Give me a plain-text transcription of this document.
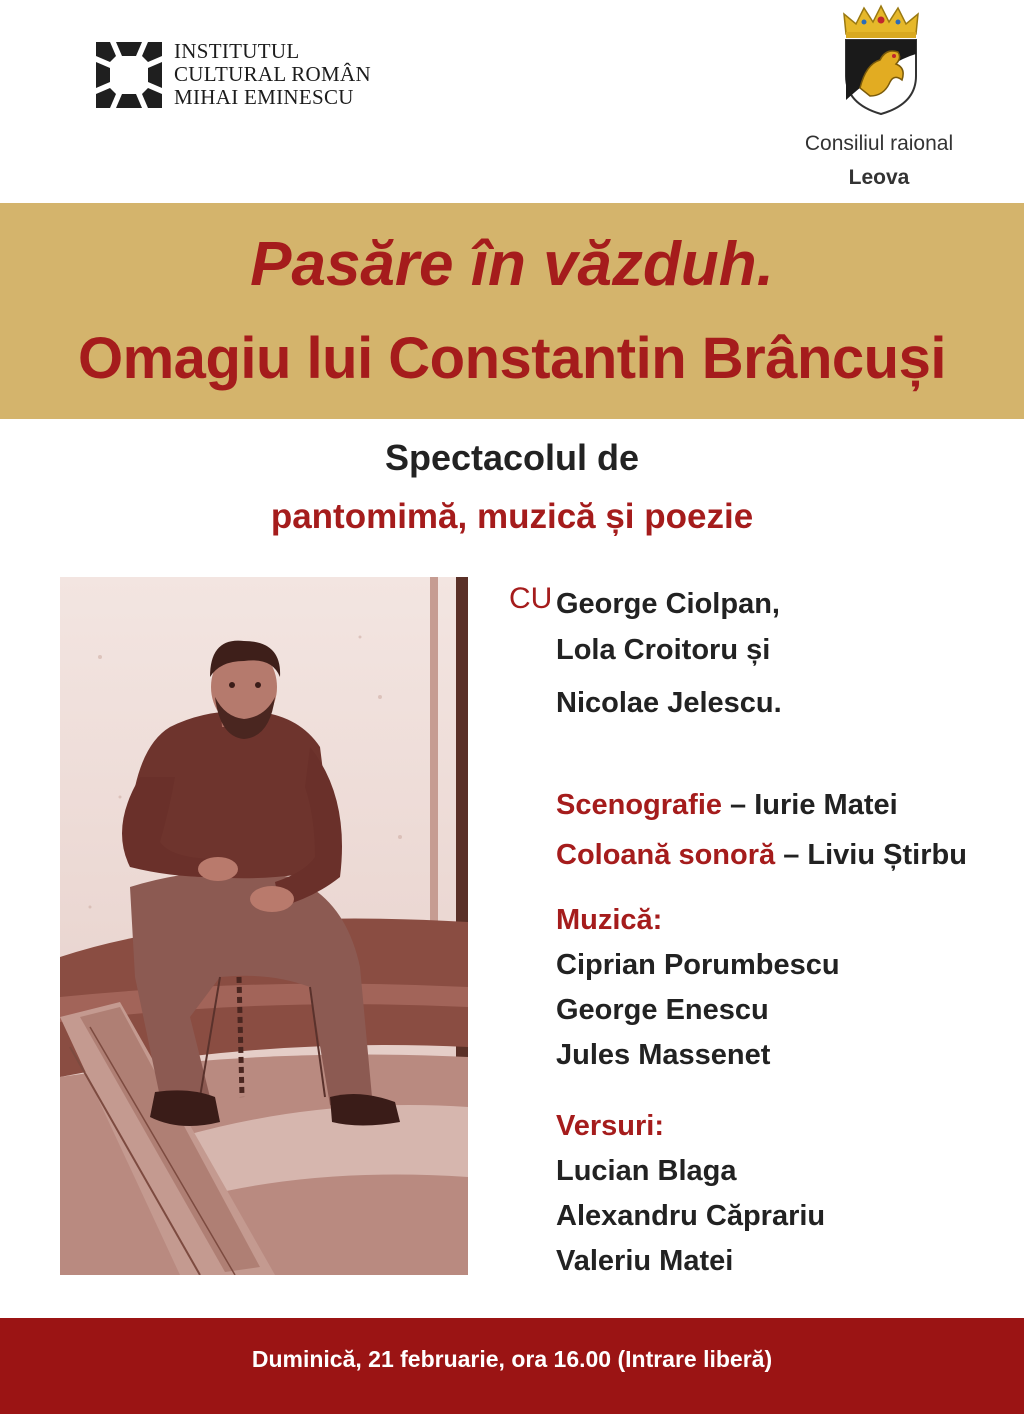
INSTITUTUL
CULTURAL ROMÂN
MIHAI EMINESCU
Consiliul raional
Leova
Pasăre în văzduh.
Omagiu lui Constantin Brâncuși
Spectacolul de
pantomimă, muzică și poezie
CU George Ciolpan,
Lola Croitoru și
Nicolae Jelescu.
Scenografie – Iurie Matei
Coloană sonoră – Liviu Știrbu
Muzică:
Ciprian Porumbescu
George Enescu
Jules Massenet
Versuri:
Lucian Blaga
Alexandru Căprariu
Valeriu Matei
Duminică, 21 februarie, ora 16.00 (Intrare liberă)
